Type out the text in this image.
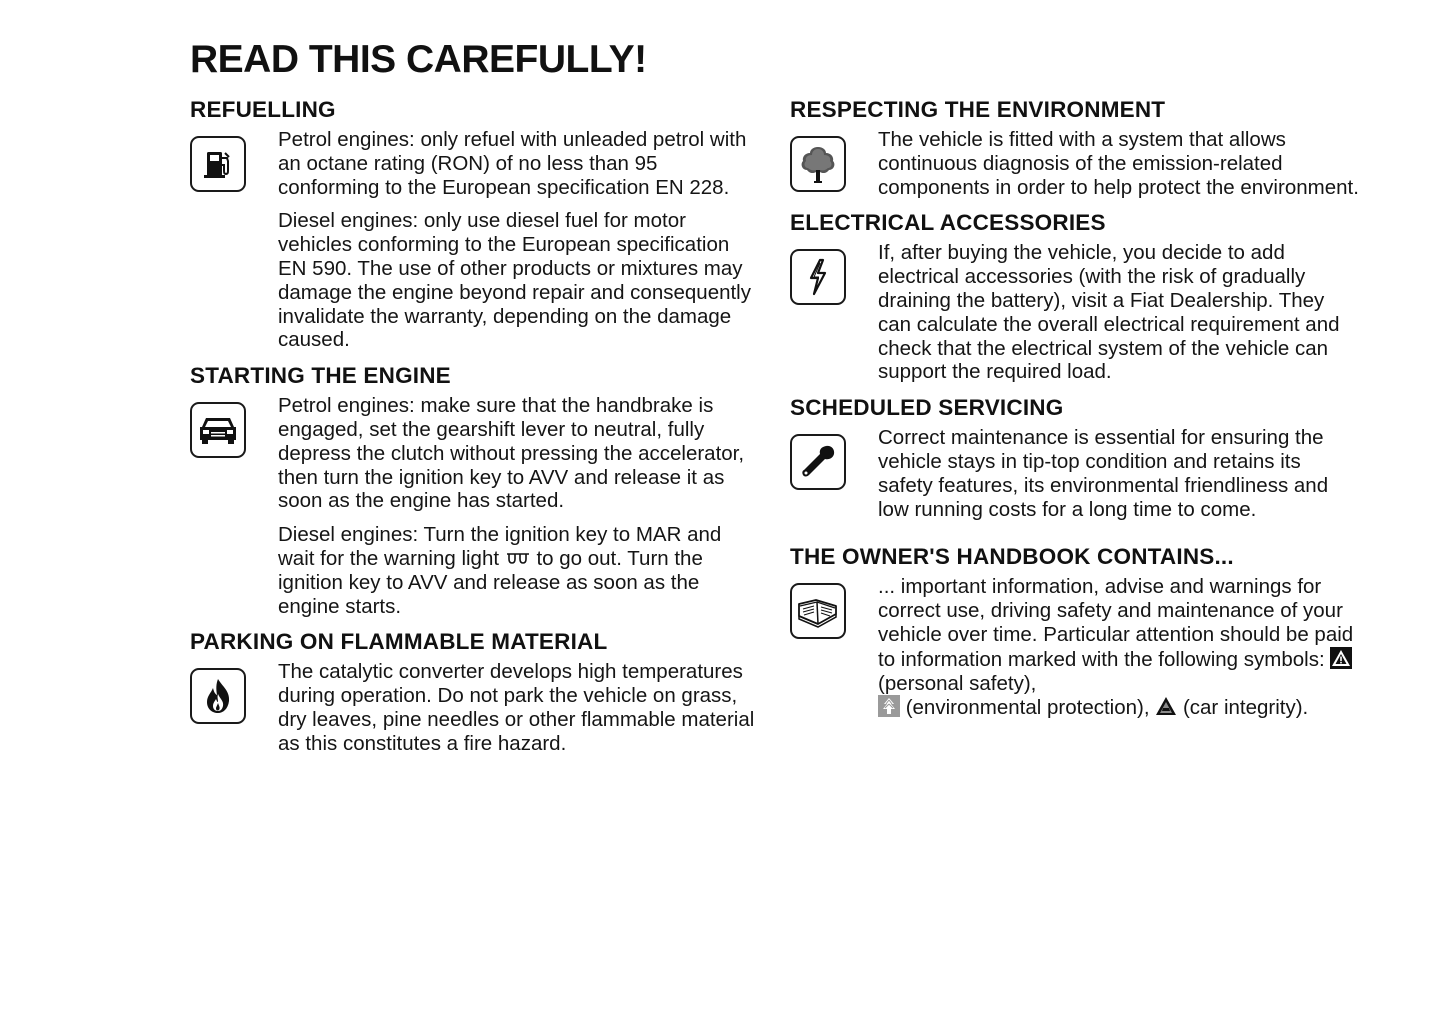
READ THIS CAREFULLY!
REFUELLING

Petrol engines: only refuel with unleaded petrol with an octane rating (RON) of no less than 95 conforming to the European specification EN 228.

Diesel engines: only use diesel fuel for motor vehicles conforming to the European specification EN 590. The use of other products or mixtures may damage the engine beyond repair and consequently invalidate the warranty, depending on the damage caused.

STARTING THE ENGINE

Petrol engines: make sure that the handbrake is engaged, set the gearshift lever to neutral, fully depress the clutch without pressing the accelerator, then turn the ignition key to AVV and release it as soon as the engine has started.

Diesel engines: Turn the ignition key to MAR and wait for the warning light to go out. Turn the ignition key to AVV and release as soon as the engine starts.

PARKING ON FLAMMABLE MATERIAL

The catalytic converter develops high temperatures during operation. Do not park the vehicle on grass, dry leaves, pine needles or other flammable material as this constitutes a fire hazard.

RESPECTING THE ENVIRONMENT

The vehicle is fitted with a system that allows continuous diagnosis of the emission-related components in order to help protect the environment.

ELECTRICAL ACCESSORIES

If, after buying the vehicle, you decide to add electrical accessories (with the risk of gradually draining the battery), visit a Fiat Dealership. They can calculate the overall electrical requirement and check that the electrical system of the vehicle can support the required load.

SCHEDULED SERVICING

Correct maintenance is essential for ensuring the vehicle stays in tip-top condition and retains its safety features, its environmental friendliness and low running costs for a long time to come.

THE OWNER'S HANDBOOK CONTAINS...

... important information, advise and warnings for correct use, driving safety and maintenance of your vehicle over time. Particular attention should be paid to information marked with the following symbols:  (personal safety),
(environmental protection), (car integrity).
